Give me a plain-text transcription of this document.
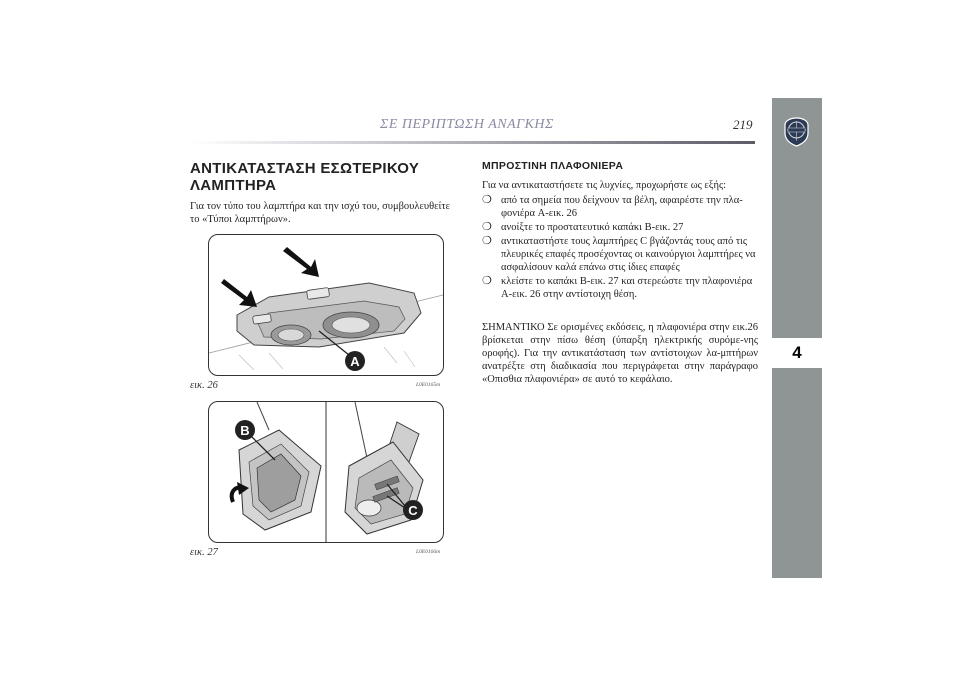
ΣΕ ΠΕΡΙΠΤΩΣΗ ΑΝΑΓΚΗΣ	219
4
ΑΝΤΙΚΑΤΑΣΤΑΣΗ ΕΣΩΤΕΡΙΚΟΥ ΛΑΜΠΤΗΡΑ
Για τον τύπο του λαμπτήρα και την ισχύ του, συμβουλευθείτε το «Τύποι λαμπτήρων».
A
εικ. 26	L0E0165m
B
C
εικ. 27	L0E0166m
ΜΠΡΟΣΤΙΝΗ ΠΛΑΦΟΝΙΕΡΑ
Για να αντικαταστήσετε τις λυχνίες, προχωρήστε ως εξής:
❍ από τα σημεία που δείχνουν τα βέλη, αφαιρέστε την πλα-φονιέρα A-εικ. 26
❍ ανοίξτε το προστατευτικό καπάκι B-εικ. 27
❍ αντικαταστήστε τους λαμπτήρες C βγάζοντάς τους από τις πλευρικές επαφές προσέχοντας οι καινούργιοι λαμπτήρες να ασφαλίσουν καλά επάνω στις ίδιες επαφές
❍ κλείστε το καπάκι B-εικ. 27 και στερεώστε την πλαφονιέρα A-εικ. 26 στην αντίστοιχη θέση.
ΣΗΜΑΝΤΙΚΟ Σε ορισμένες εκδόσεις, η πλαφονιέρα στην εικ.26 βρίσκεται στην πίσω θέση (ύπαρξη ηλεκτρικής συρόμε-νης οροφής). Για την αντικατάσταση των αντίστοιχων λα-μπτήρων ανατρέξτε στη διαδικασία που περιγράφεται στην παράγραφο «Οπισθια πλαφονιέρα» σε αυτό το κεφάλαιο.
